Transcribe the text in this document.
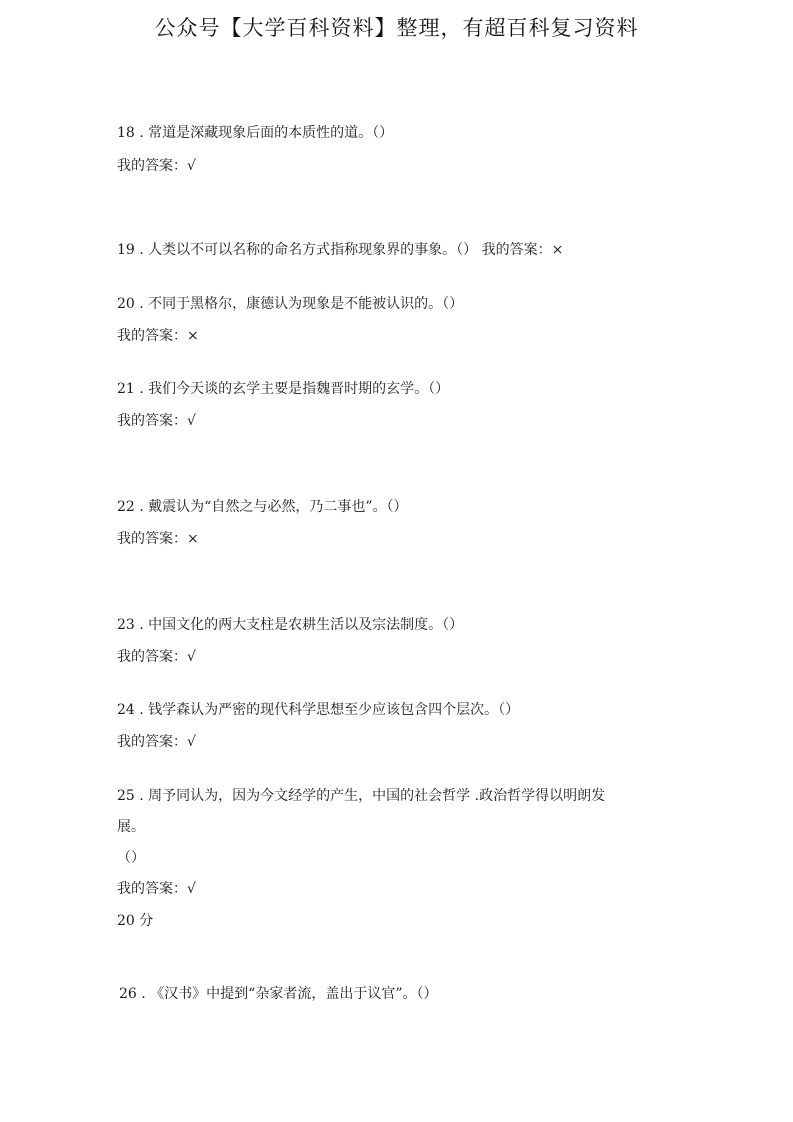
公众号【大学百科资料】整理，有超百科复习资料
18 . 常道是深藏现象后面的本质性的道。（）
我的答案：√
19 . 人类以不可以名称的命名方式指称现象界的事象。（） 我的答案：×
20 . 不同于黑格尔，康德认为现象是不能被认识的。（）
我的答案：×
21 . 我们今天谈的玄学主要是指魏晋时期的玄学。（）
我的答案：√
22 . 戴震认为“自然之与必然，乃二事也”。（）
我的答案：×
23 . 中国文化的两大支柱是农耕生活以及宗法制度。（）
我的答案：√
24 . 钱学森认为严密的现代科学思想至少应该包含四个层次。（）
我的答案：√
25 . 周予同认为，因为今文经学的产生，中国的社会哲学 .政治哲学得以明朗发
展。
（）
我的答案：√
20 分
26 . 《汉书》中提到“杂家者流，盖出于议官”。（）
